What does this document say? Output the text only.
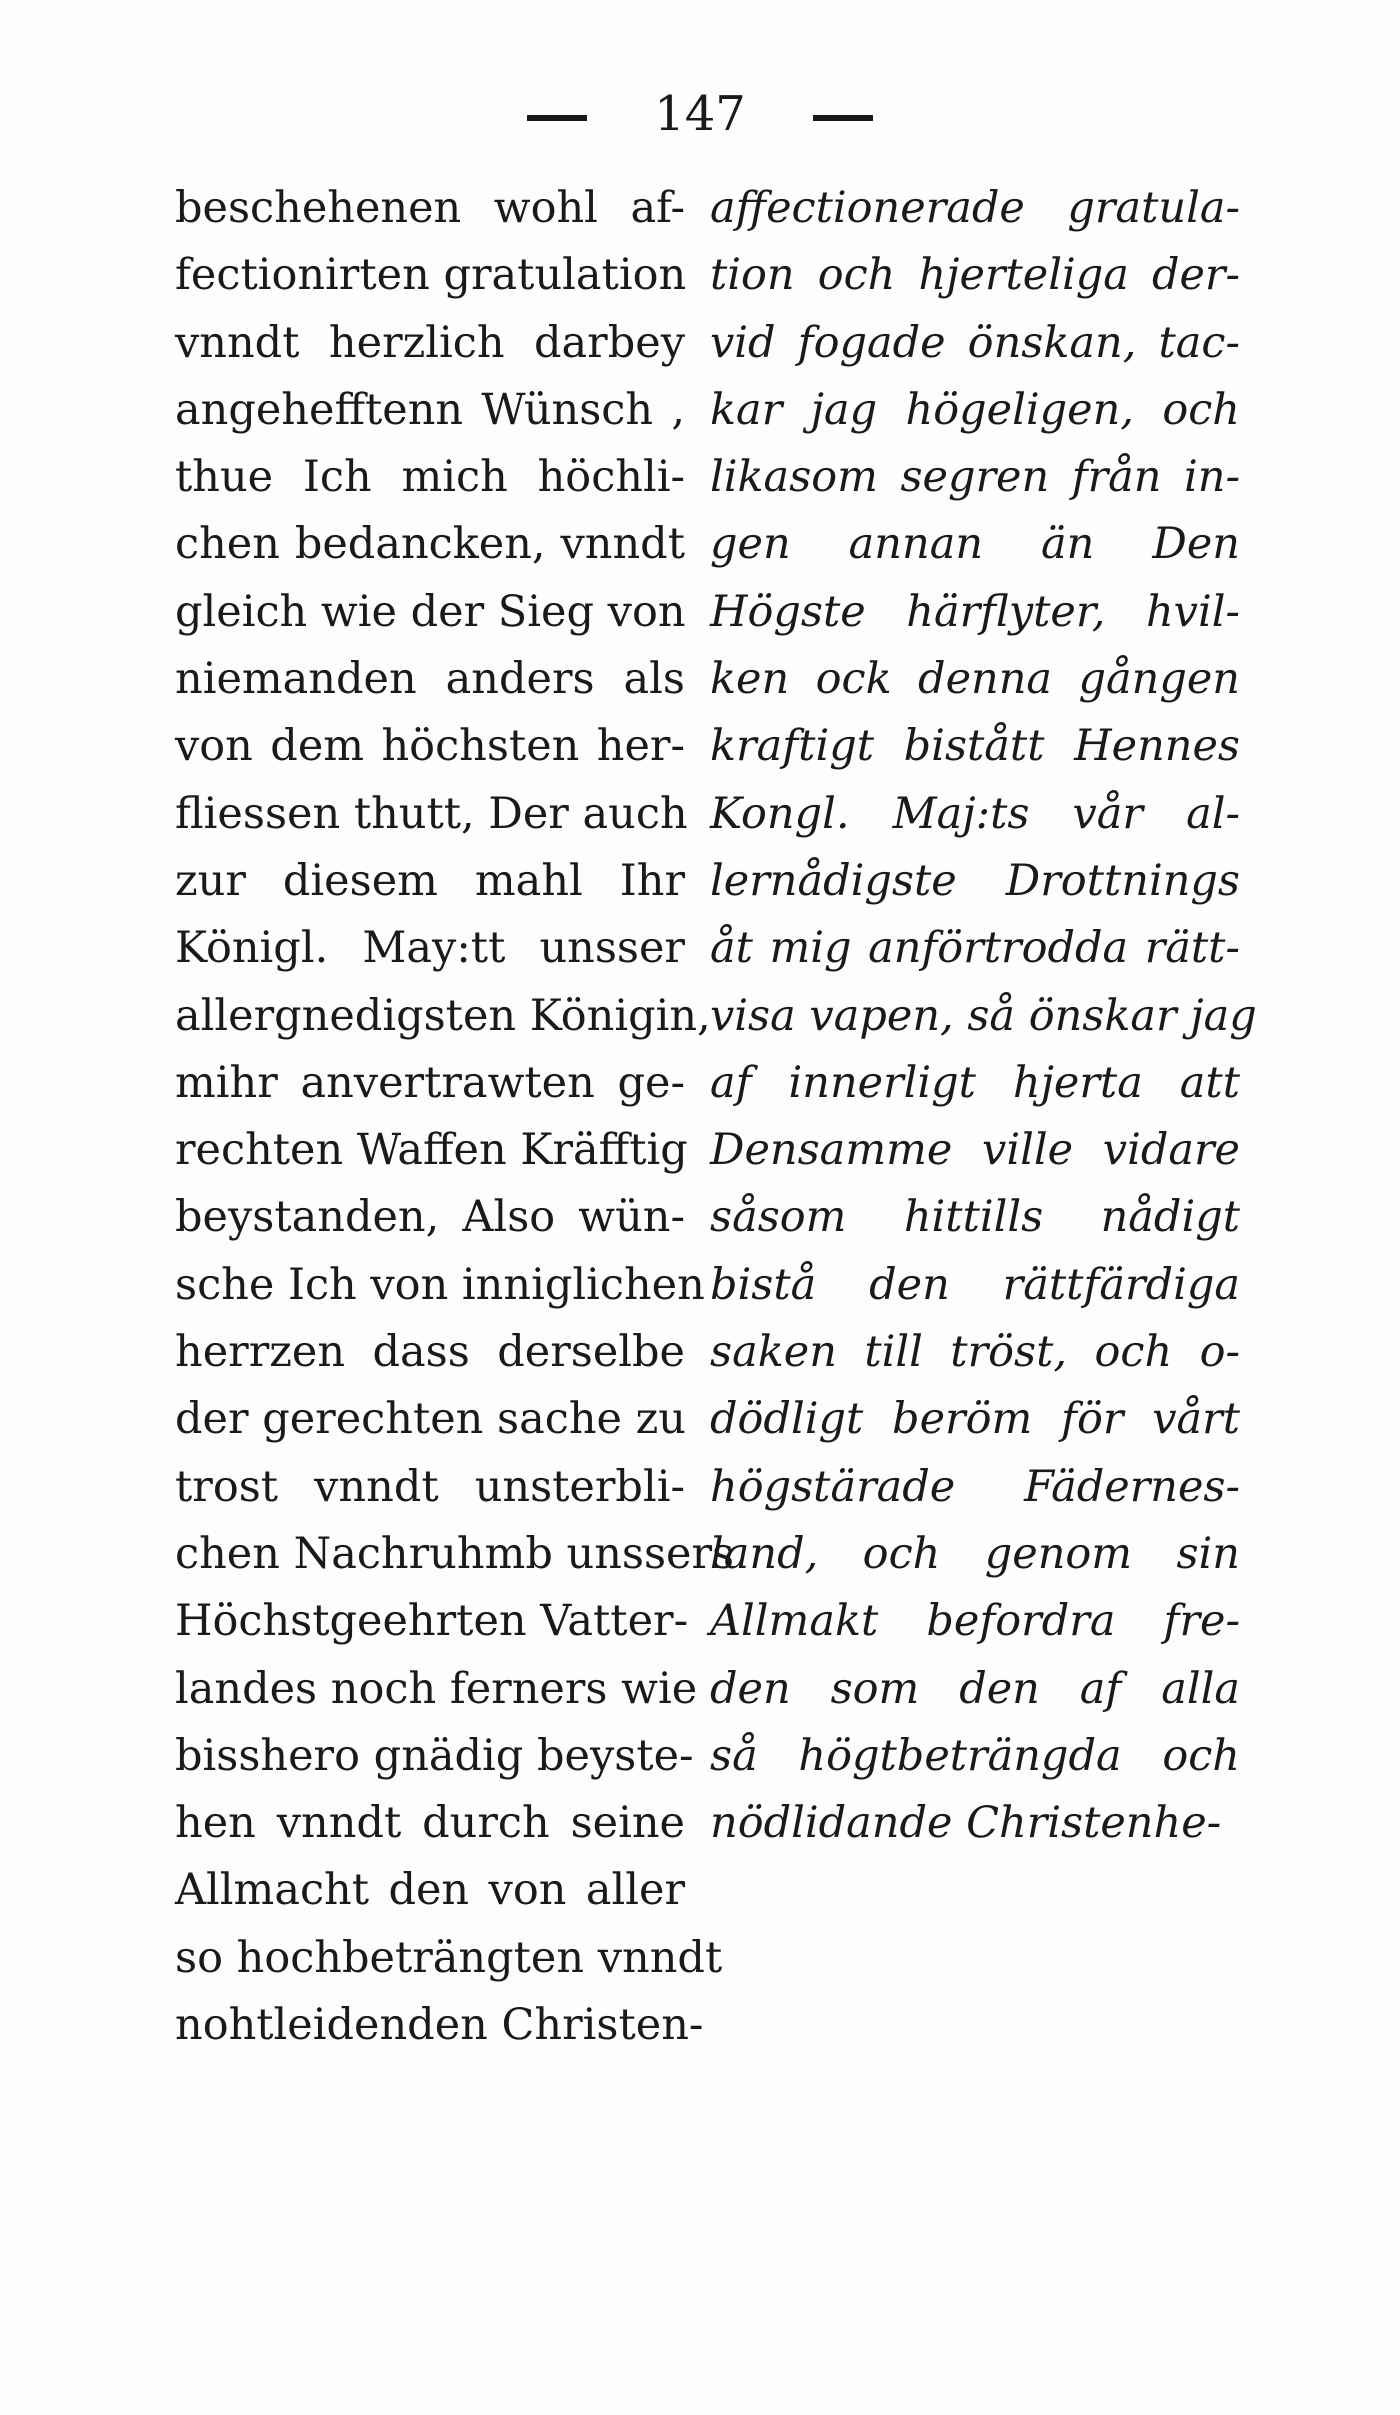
147
beschehenen wohl af-
fectionirten gratulation
vnndt herzlich darbey
angehefftenn Wünsch ,
thue Ich mich höchli-
chen bedancken, vnndt
gleich wie der Sieg von
niemanden anders als
von dem höchsten her-
fliessen thutt, Der auch
zur diesem mahl Ihr
Königl. May:tt unsser
allergnedigsten Königin,
mihr anvertrawten ge-
rechten Waffen Kräfftig
beystanden, Also wün-
sche Ich von inniglichen
herrzen dass derselbe
der gerechten sache zu
trost vnndt unsterbli-
chen Nachruhmb unssers
Höchstgeehrten Vatter-
landes noch ferners wie
bisshero gnädig beyste-
hen vnndt durch seine
Allmacht den von aller
so hochbeträngten vnndt
nohtleidenden Christen-
affectionerade gratula-
tion och hjerteliga der-
vid fogade önskan, tac-
kar jag högeligen, och
likasom segren från in-
gen annan än Den
Högste härflyter, hvil-
ken ock denna gången
kraftigt bistått Hennes
Kongl. Maj:ts vår al-
lernådigste Drottnings
åt mig anförtrodda rätt-
visa vapen, så önskar jag
af innerligt hjerta att
Densamme ville vidare
såsom hittills nådigt
bistå den rättfärdiga
saken till tröst, och o-
dödligt beröm för vårt
högstärade Fädernes-
land, och genom sin
Allmakt befordra fre-
den som den af alla
så högtbeträngda och
nödlidande Christenhe-
